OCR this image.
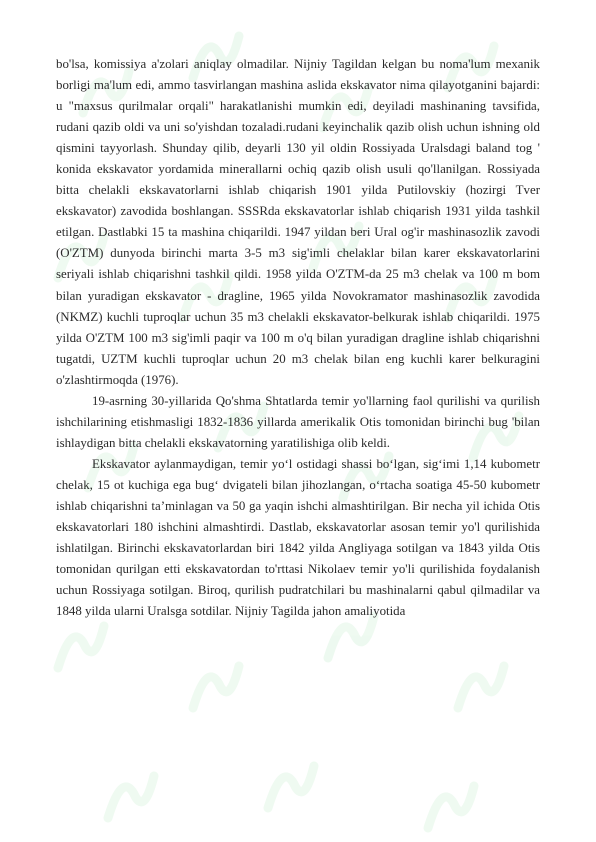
bo'lsa, komissiya a'zolari aniqlay olmadilar. Nijniy Tagildan kelgan bu noma'lum mexanik borligi ma'lum edi, ammo tasvirlangan mashina aslida ekskavator nima qilayotganini bajardi: u "maxsus qurilmalar orqali" harakatlanishi mumkin edi, deyiladi mashinaning tavsifida, rudani qazib oldi va uni so'yishdan tozaladi.rudani keyinchalik qazib olish uchun ishning old qismini tayyorlash. Shunday qilib, deyarli 130 yil oldin Rossiyada Uralsdagi baland tog ' konida ekskavator yordamida minerallarni ochiq qazib olish usuli qo'llanilgan. Rossiyada bitta chelakli ekskavatorlarni ishlab chiqarish 1901 yilda Putilovskiy (hozirgi Tver ekskavator) zavodida boshlangan. SSSRda ekskavatorlar ishlab chiqarish 1931 yilda tashkil etilgan. Dastlabki 15 ta mashina chiqarildi. 1947 yildan beri Ural og'ir mashinasozlik zavodi (O'ZTM) dunyoda birinchi marta 3-5 m3 sig'imli chelaklar bilan karer ekskavatorlarini seriyali ishlab chiqarishni tashkil qildi. 1958 yilda O'ZTM-da 25 m3 chelak va 100 m bom bilan yuradigan ekskavator - dragline, 1965 yilda Novokramator mashinasozlik zavodida (NKMZ) kuchli tuproqlar uchun 35 m3 chelakli ekskavator-belkurak ishlab chiqarildi. 1975 yilda O'ZTM 100 m3 sig'imli paqir va 100 m o'q bilan yuradigan dragline ishlab chiqarishni tugatdi, UZTM kuchli tuproqlar uchun 20 m3 chelak bilan eng kuchli karer belkuragini o'zlashtirmoqda (1976).

19-asrning 30-yillarida Qo'shma Shtatlarda temir yo'llarning faol qurilishi va qurilish ishchilarining etishmasligi 1832-1836 yillarda amerikalik Otis tomonidan birinchi bug 'bilan ishlaydigan bitta chelakli ekskavatorning yaratilishiga olib keldi.

Ekskavator aylanmaydigan, temir yo‘l ostidagi shassi bo‘lgan, sig‘imi 1,14 kubometr chelak, 15 ot kuchiga ega bug‘ dvigateli bilan jihozlangan, o‘rtacha soatiga 45-50 kubometr ishlab chiqarishni ta’minlagan va 50 ga yaqin ishchi almashtirilgan. Bir necha yil ichida Otis ekskavatorlari 180 ishchini almashtirdi. Dastlab, ekskavatorlar asosan temir yo'l qurilishida ishlatilgan. Birinchi ekskavatorlardan biri 1842 yilda Angliyaga sotilgan va 1843 yilda Otis tomonidan qurilgan etti ekskavatordan to'rttasi Nikolaev temir yo'li qurilishida foydalanish uchun Rossiyaga sotilgan. Biroq, qurilish pudratchilari bu mashinalarni qabul qilmadilar va 1848 yilda ularni Uralsga sotdilar. Nijniy Tagilda jahon amaliyotida
